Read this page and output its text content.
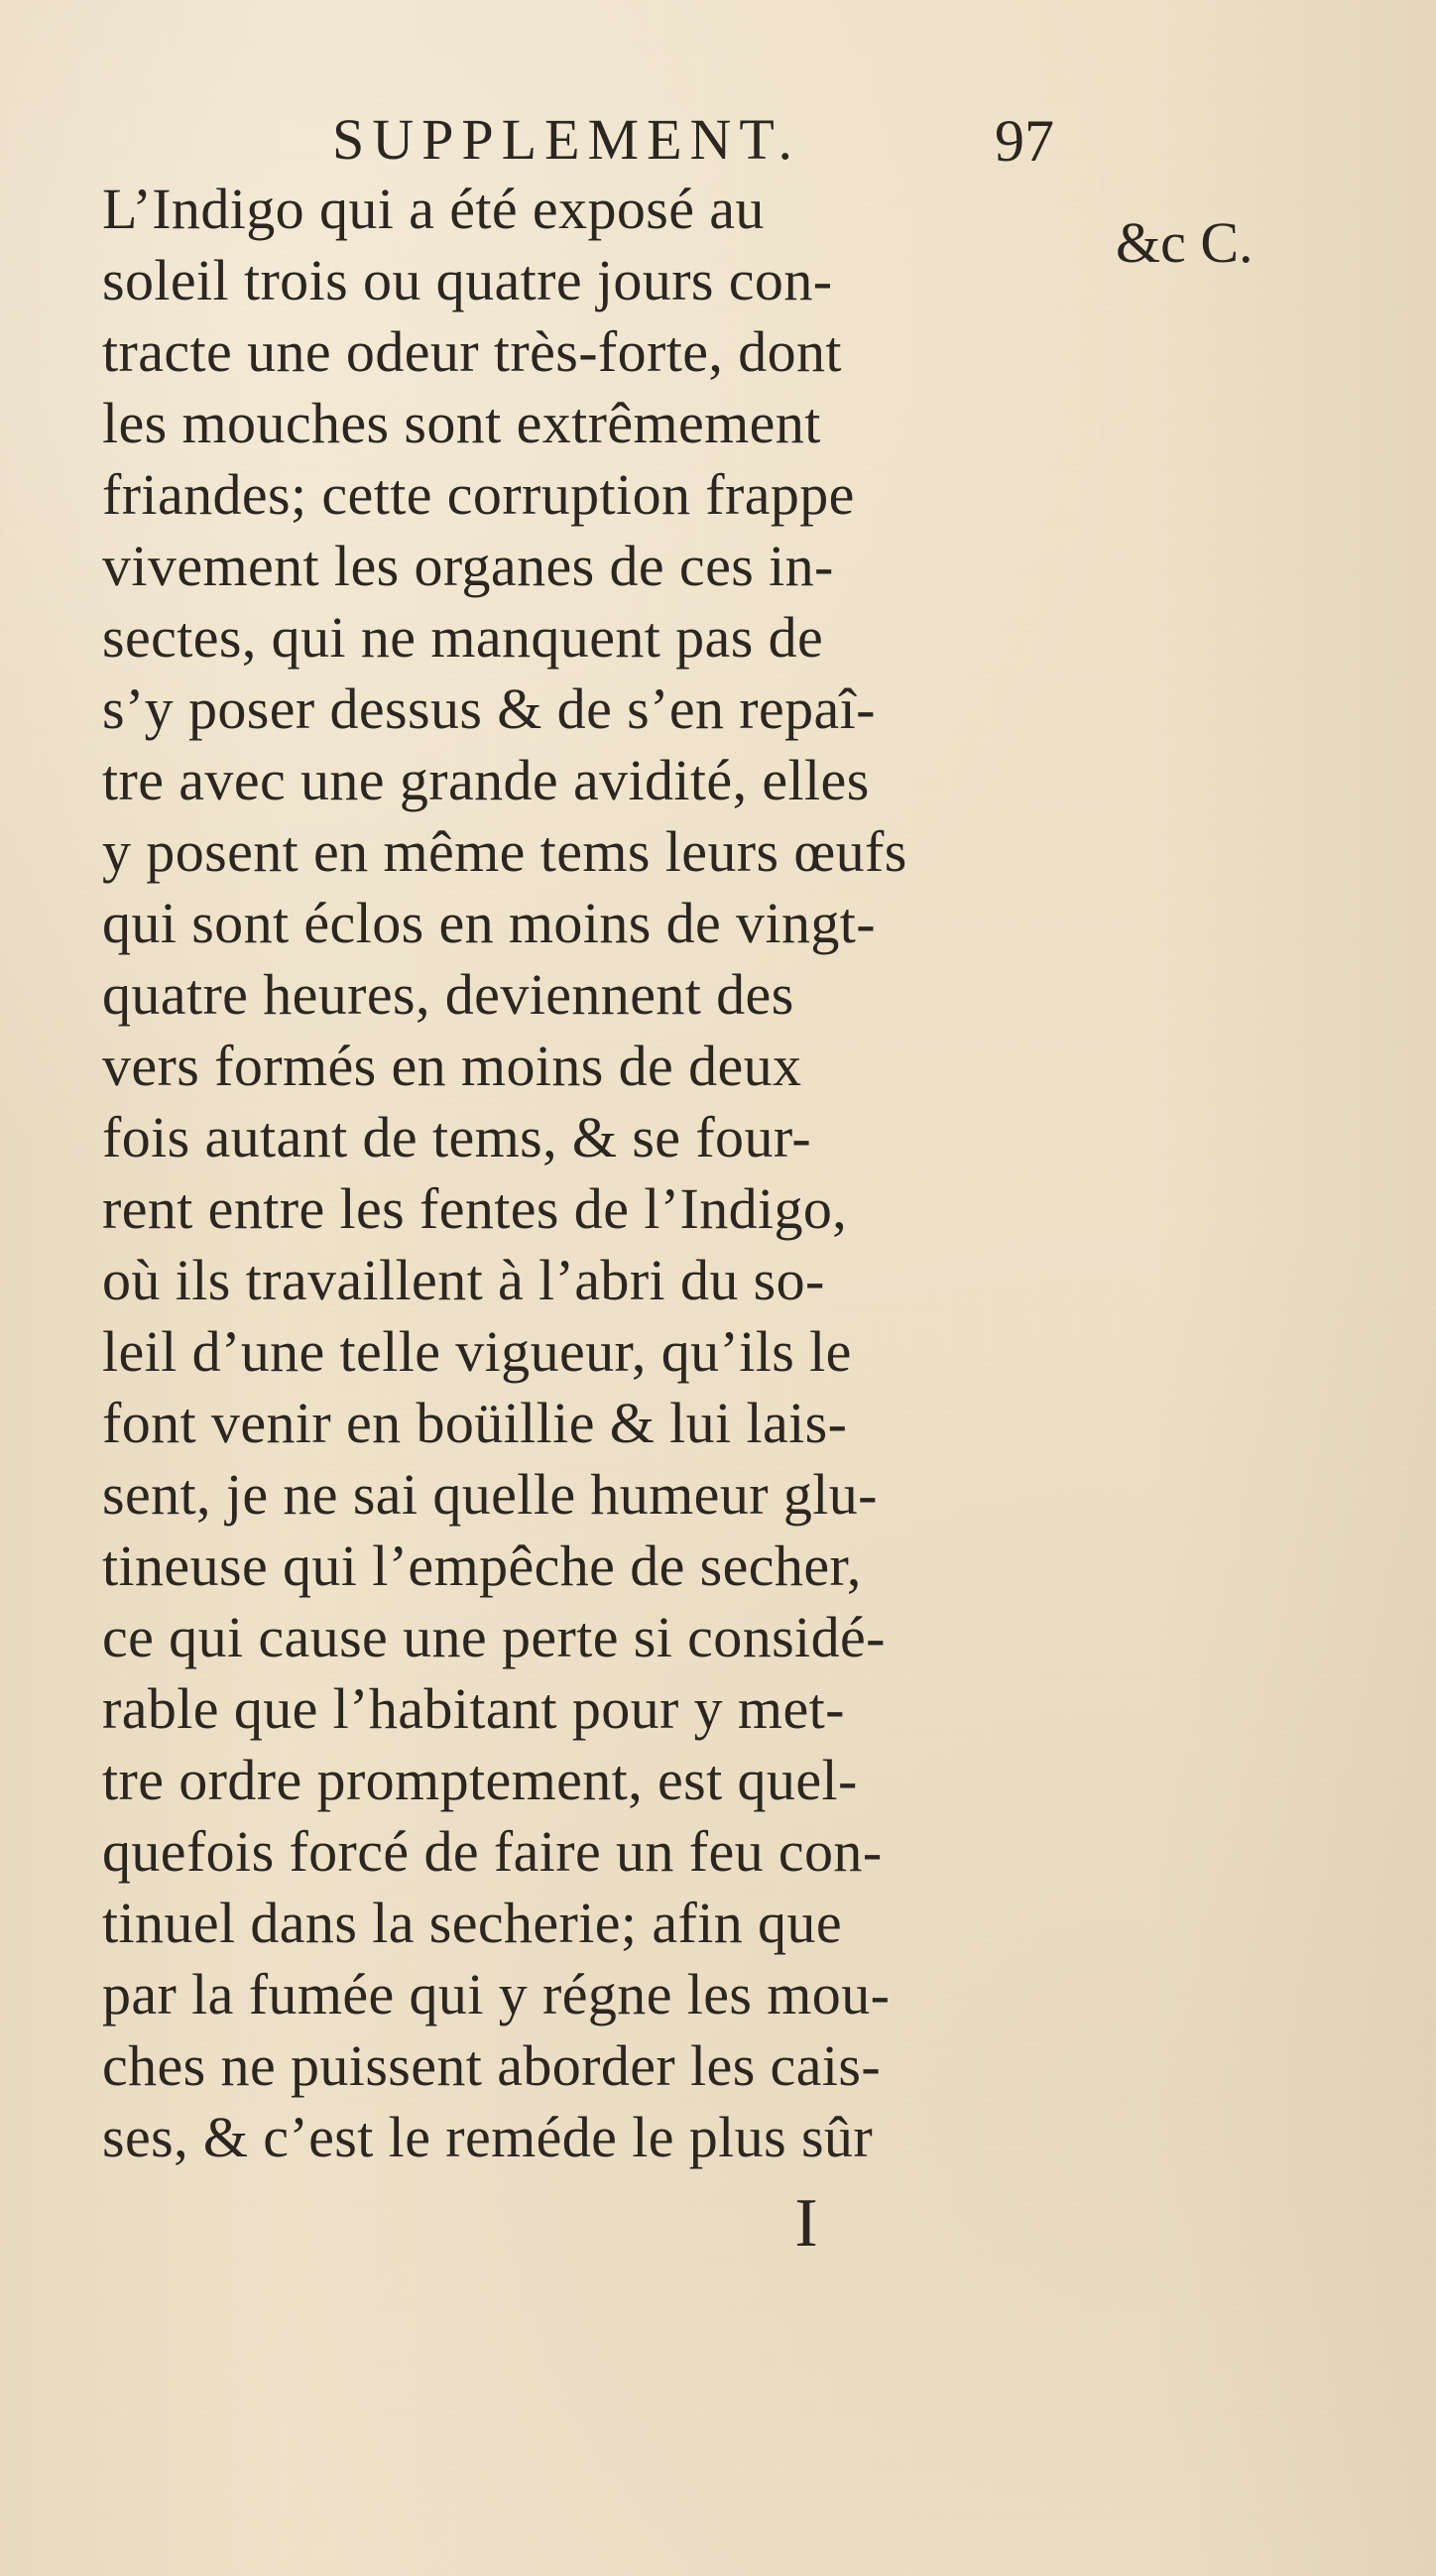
SUPPLEMENT.	97
L’Indigo qui a été exposé au
soleil trois ou quatre jours con-
tracte une odeur très-forte, dont
les mouches sont extrêmement
friandes; cette corruption frappe
vivement les organes de ces in-
sectes, qui ne manquent pas de
s’y poser dessus & de s’en repaî-
tre avec une grande avidité, elles
y posent en même tems leurs œufs
qui sont éclos en moins de vingt-
quatre heures, deviennent des
vers formés en moins de deux
fois autant de tems, & se four-
rent entre les fentes de l’Indigo,
où ils travaillent à l’abri du so-
leil d’une telle vigueur, qu’ils le
font venir en boüillie & lui lais-
sent, je ne sai quelle humeur glu-
tineuse qui l’empêche de secher,
ce qui cause une perte si considé-
rable que l’habitant pour y met-
tre ordre promptement, est quel-
quefois forcé de faire un feu con-
tinuel dans la secherie; afin que
par la fumée qui y régne les mou-
ches ne puissent aborder les cais-
ses, & c’est le reméde le plus sûr
&c C.
I
